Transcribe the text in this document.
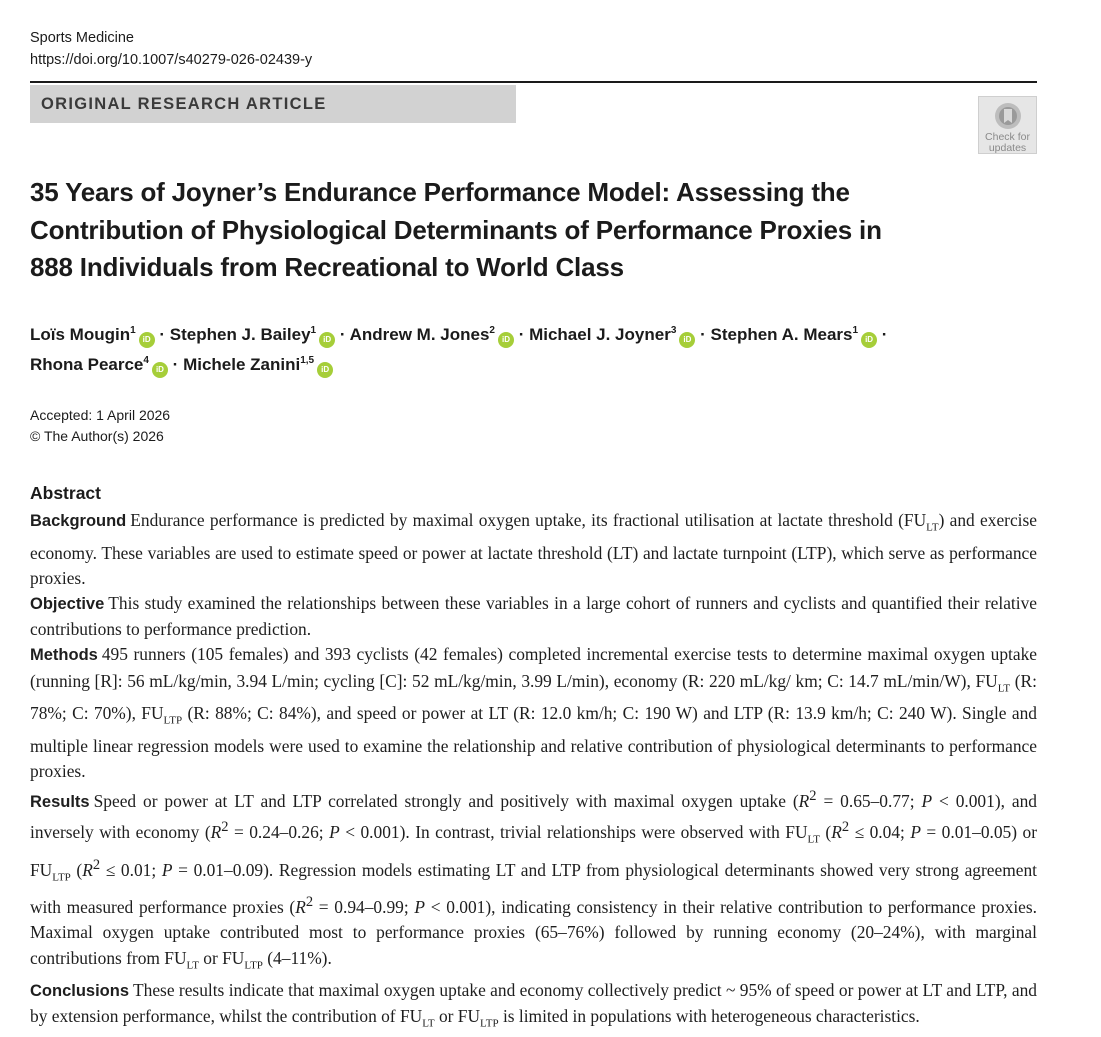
Sports Medicine
https://doi.org/10.1007/s40279-026-02439-y
ORIGINAL RESEARCH ARTICLE
Check for
updates
35 Years of Joyner’s Endurance Performance Model: Assessing the Contribution of Physiological Determinants of Performance Proxies in 888 Individuals from Recreational to World Class
Loïs Mougin$^1$iD · Stephen J. Bailey$^1$iD · Andrew M. Jones$^2$iD · Michael J. Joyner$^3$iD · Stephen A. Mears$^1$iD ·
Rhona Pearce$^4$iD · Michele Zanini$^{1,5}$iD
Accepted: 1 April 2026
© The Author(s) 2026
Abstract

Background Endurance performance is predicted by maximal oxygen uptake, its fractional utilisation at lactate threshold $(FU_{LT})$ and exercise economy. These variables are used to estimate speed or power at lactate threshold (LT) and lactate turnpoint (LTP), which serve as performance proxies.

Objective This study examined the relationships between these variables in a large cohort of runners and cyclists and quantified their relative contributions to performance prediction.

Methods 495 runners (105 females) and 393 cyclists (42 females) completed incremental exercise tests to determine maximal oxygen uptake (running [R]: 56 mL/kg/min, 3.94 L/min; cycling [C]: 52 mL/kg/min, 3.99 L/min), economy (R: 220 mL/kg/ km; C: 14.7 mL/min/W), $FU_{LT}$ (R: 78%; C: 70%), $FU_{LTP}$ (R: 88%; C: 84%), and speed or power at LT (R: 12.0 km/h; C: 190 W) and LTP (R: 13.9 km/h; C: 240 W). Single and multiple linear regression models were used to examine the relationship and relative contribution of physiological determinants to performance proxies.

Results Speed or power at LT and LTP correlated strongly and positively with maximal oxygen uptake ($R^2 = 0.65-0.77$; P < 0.001), and inversely with economy ($R^2 = 0.24-0.26$; P < 0.001). In contrast, trivial relationships were observed with $FU_{LT}$ ($R^2 \le 0.04$; P = 0.01–0.05) or $FU_{LTP}$ ($R^2 \le 0.01$; P = 0.01–0.09). Regression models estimating LT and LTP from physiological determinants showed very strong agreement with measured performance proxies ($R^2 = 0.94-0.99$; P < 0.001), indicating consistency in their relative contribution to performance proxies. Maximal oxygen uptake contributed most to performance proxies (65–76%) followed by running economy (20–24%), with marginal contributions from $FU_{LT}$ or $FU_{LTP}$ (4–11%).

Conclusions These results indicate that maximal oxygen uptake and economy collectively predict ~ 95% of speed or power at LT and LTP, and by extension performance, whilst the contribution of $FU_{LT}$ or $FU_{LTP}$ is limited in populations with heterogeneous characteristics.
